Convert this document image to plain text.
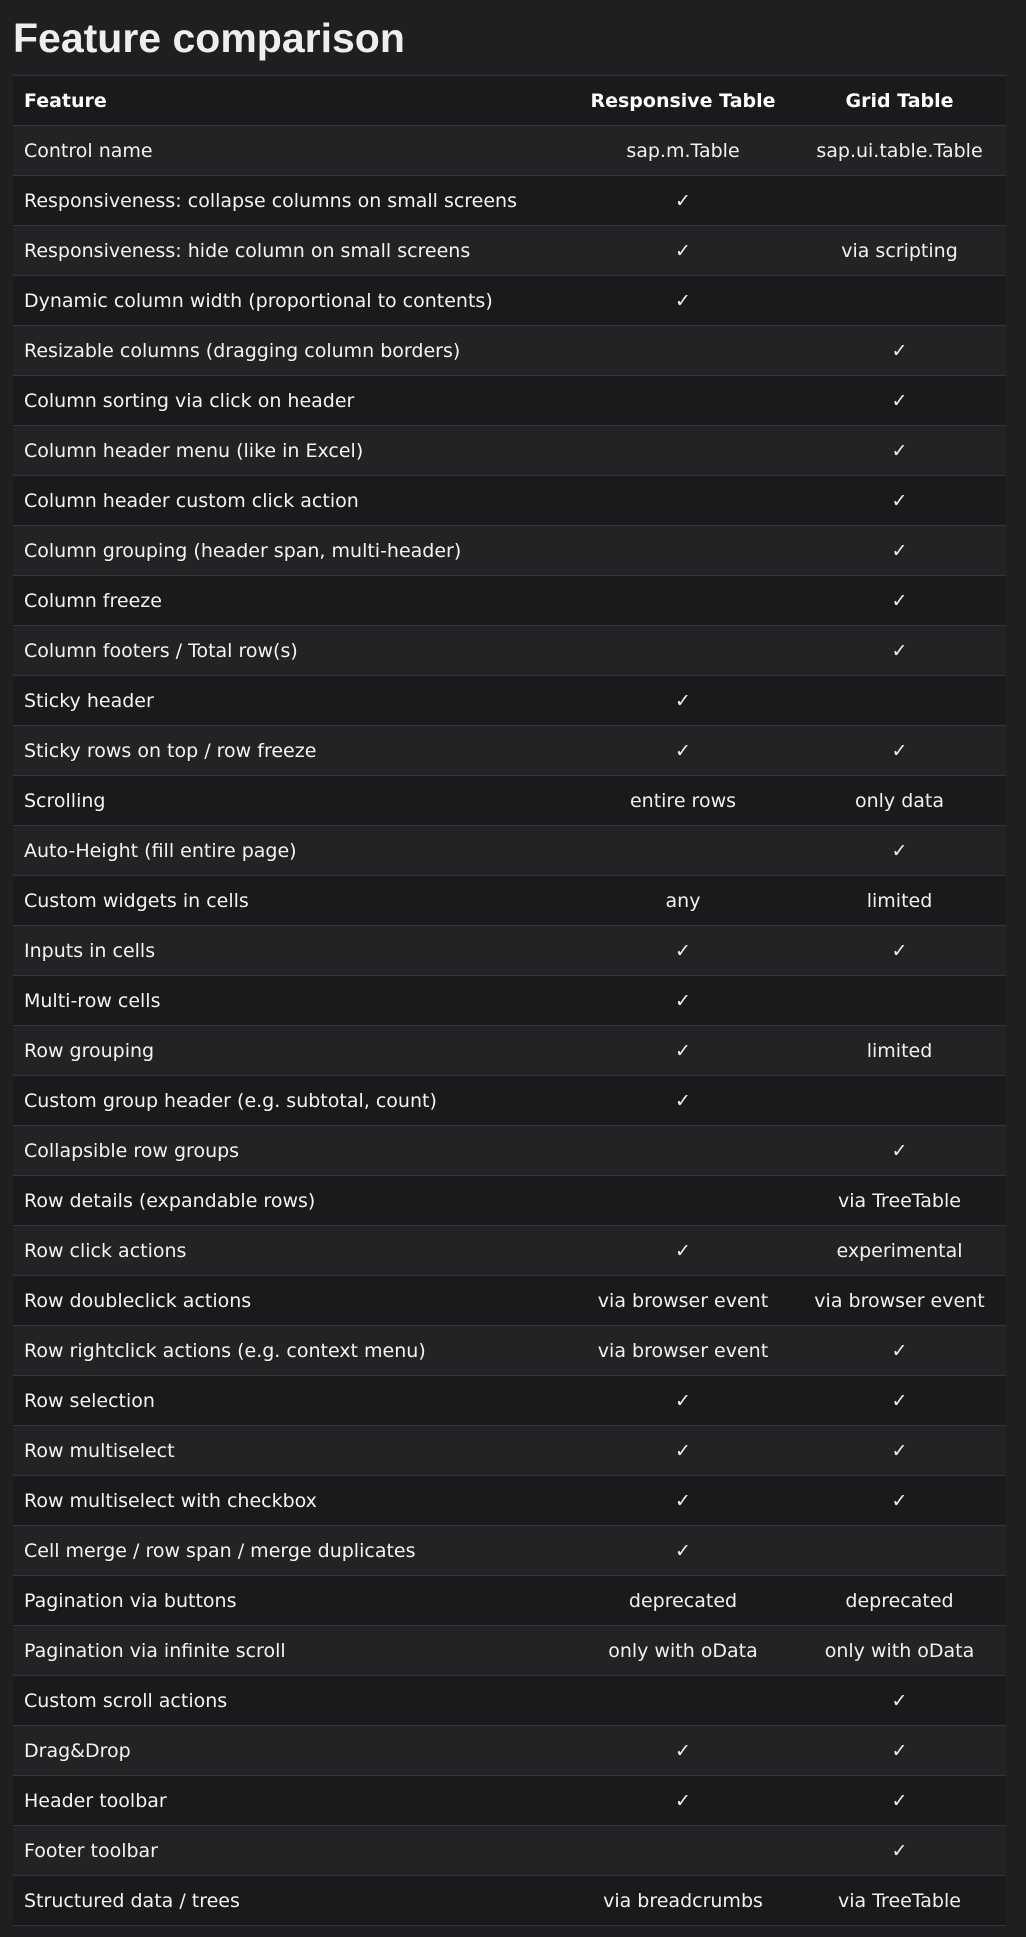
Feature comparison
Feature	Responsive Table	Grid Table
Control name	sap.m.Table	sap.ui.table.Table
Responsiveness: collapse columns on small screens	✓	
Responsiveness: hide column on small screens	✓	via scripting
Dynamic column width (proportional to contents)	✓	
Resizable columns (dragging column borders)		✓
Column sorting via click on header		✓
Column header menu (like in Excel)		✓
Column header custom click action		✓
Column grouping (header span, multi-header)		✓
Column freeze		✓
Column footers / Total row(s)		✓
Sticky header	✓	
Sticky rows on top / row freeze	✓	✓
Scrolling	entire rows	only data
Auto-Height (fill entire page)		✓
Custom widgets in cells	any	limited
Inputs in cells	✓	✓
Multi-row cells	✓	
Row grouping	✓	limited
Custom group header (e.g. subtotal, count)	✓	
Collapsible row groups		✓
Row details (expandable rows)		via TreeTable
Row click actions	✓	experimental
Row doubleclick actions	via browser event	via browser event
Row rightclick actions (e.g. context menu)	via browser event	✓
Row selection	✓	✓
Row multiselect	✓	✓
Row multiselect with checkbox	✓	✓
Cell merge / row span / merge duplicates	✓	
Pagination via buttons	deprecated	deprecated
Pagination via infinite scroll	only with oData	only with oData
Custom scroll actions		✓
Drag&Drop	✓	✓
Header toolbar	✓	✓
Footer toolbar		✓
Structured data / trees	via breadcrumbs	via TreeTable
